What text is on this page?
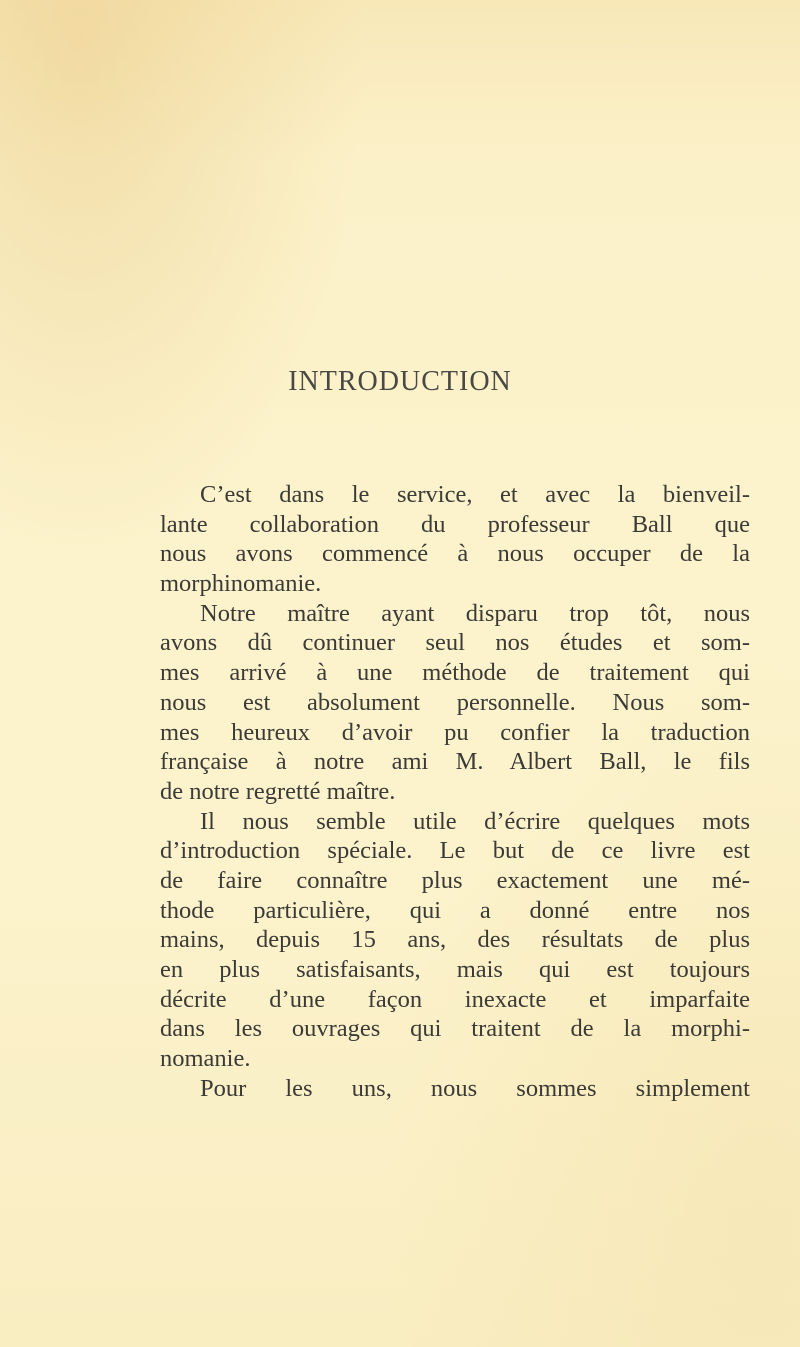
INTRODUCTION
C’est dans le service, et avec la bienveil-
lante collaboration du professeur Ball que
nous avons commencé à nous occuper de la
morphinomanie.
Notre maître ayant disparu trop tôt, nous
avons dû continuer seul nos études et som-
mes arrivé à une méthode de traitement qui
nous est absolument personnelle. Nous som-
mes heureux d’avoir pu confier la traduction
française à notre ami M. Albert Ball, le fils
de notre regretté maître.
Il nous semble utile d’écrire quelques mots
d’introduction spéciale. Le but de ce livre est
de faire connaître plus exactement une mé-
thode particulière, qui a donné entre nos
mains, depuis 15 ans, des résultats de plus
en plus satisfaisants, mais qui est toujours
décrite d’une façon inexacte et imparfaite
dans les ouvrages qui traitent de la morphi-
nomanie.
Pour les uns, nous sommes simplement
